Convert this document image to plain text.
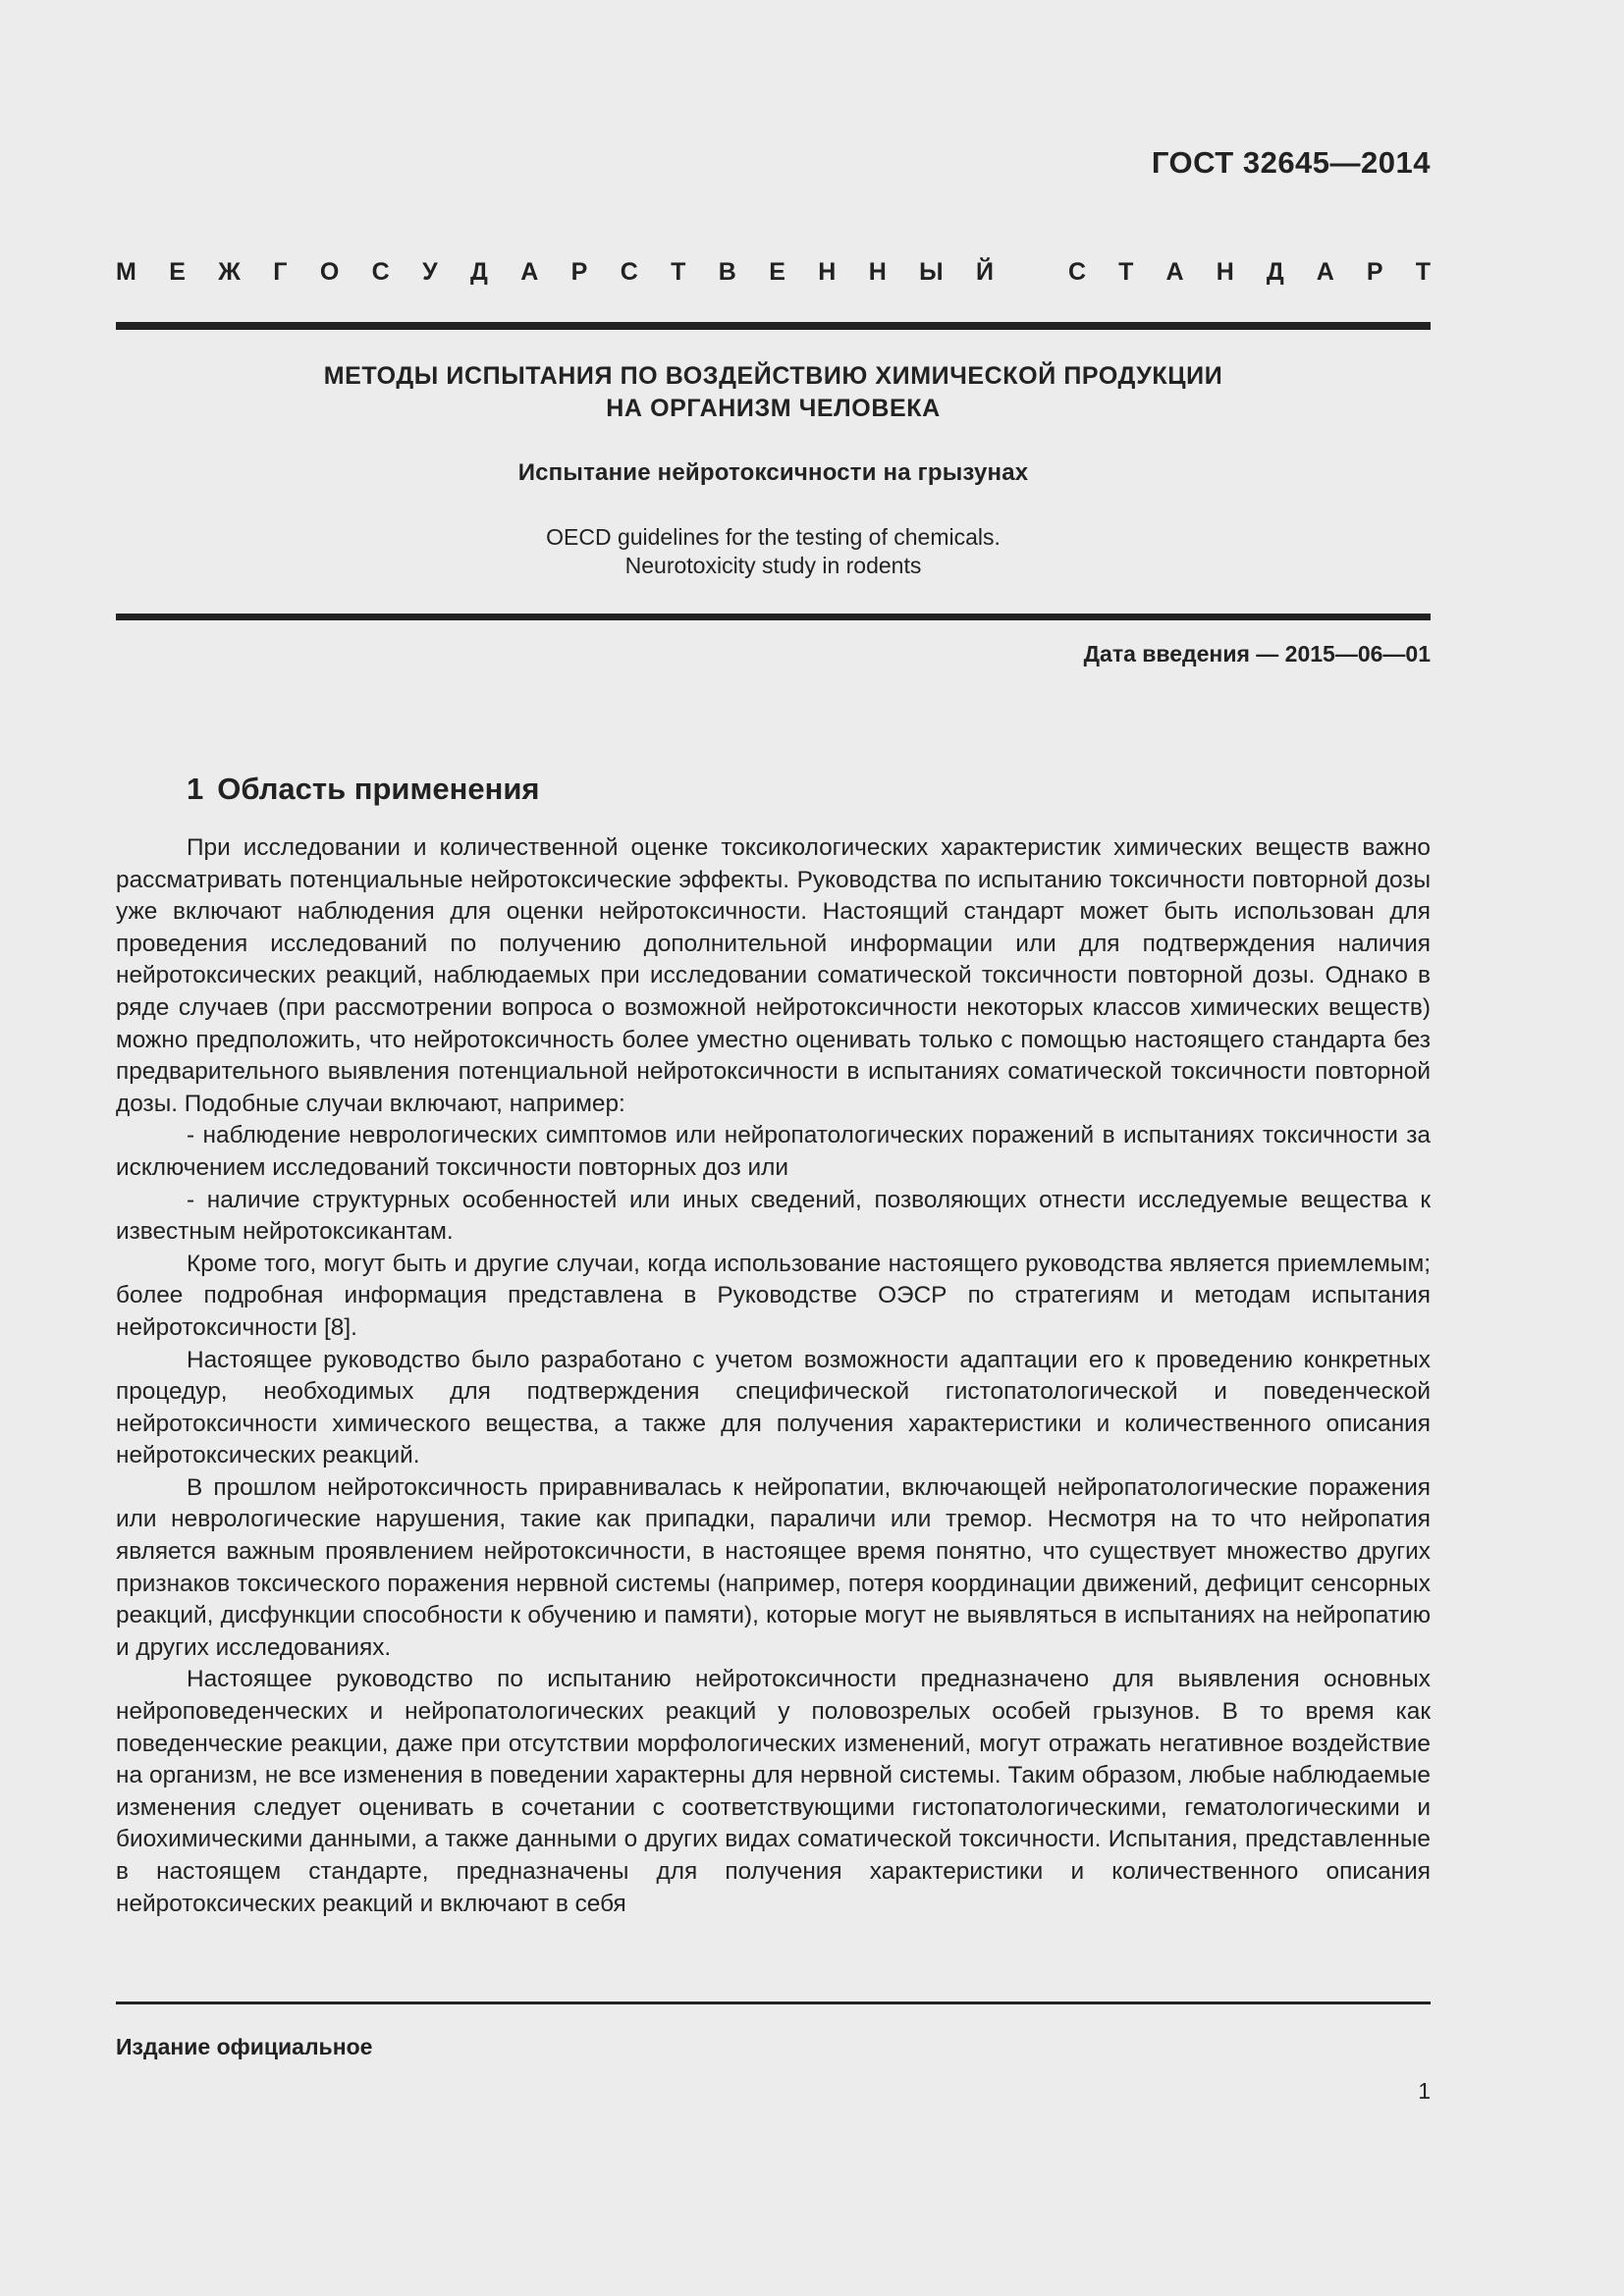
ГОСТ 32645—2014
М Е Ж Г О С У Д А Р С Т В Е Н Н Ы Й	С Т А Н Д А Р Т
МЕТОДЫ ИСПЫТАНИЯ ПО ВОЗДЕЙСТВИЮ ХИМИЧЕСКОЙ ПРОДУКЦИИ
НА ОРГАНИЗМ ЧЕЛОВЕКА
Испытание нейротоксичности на грызунах
OECD guidelines for the testing of chemicals.
Neurotoxicity study in rodents
Дата введения — 2015—06—01
1 Область применения

При исследовании и количественной оценке токсикологических характеристик химических веществ важно рассматривать потенциальные нейротоксические эффекты. Руководства по испытанию токсичности повторной дозы уже включают наблюдения для оценки нейротоксичности. Настоящий стандарт может быть использован для проведения исследований по получению дополнительной информации или для подтверждения наличия нейротоксических реакций, наблюдаемых при исследовании соматической токсичности повторной дозы. Однако в ряде случаев (при рассмотрении вопроса о возможной нейротоксичности некоторых классов химических веществ) можно предположить, что нейротоксичность более уместно оценивать только с помощью настоящего стандарта без предварительного выявления потенциальной нейротоксичности в испытаниях соматической токсичности повторной дозы. Подобные случаи включают, например:

- наблюдение неврологических симптомов или нейропатологических поражений в испытаниях токсичности за исключением исследований токсичности повторных доз или

- наличие структурных особенностей или иных сведений, позволяющих отнести исследуемые вещества к известным нейротоксикантам.

Кроме того, могут быть и другие случаи, когда использование настоящего руководства является приемлемым; более подробная информация представлена в Руководстве ОЭСР по стратегиям и методам испытания нейротоксичности [8].

Настоящее руководство было разработано с учетом возможности адаптации его к проведению конкретных процедур, необходимых для подтверждения специфической гистопатологической и поведенческой нейротоксичности химического вещества, а также для получения характеристики и количественного описания нейротоксических реакций.

В прошлом нейротоксичность приравнивалась к нейропатии, включающей нейропатологические поражения или неврологические нарушения, такие как припадки, параличи или тремор. Несмотря на то что нейропатия является важным проявлением нейротоксичности, в настоящее время понятно, что существует множество других признаков токсического поражения нервной системы (например, потеря координации движений, дефицит сенсорных реакций, дисфункции способности к обучению и памяти), которые могут не выявляться в испытаниях на нейропатию и других исследованиях.

Настоящее руководство по испытанию нейротоксичности предназначено для выявления основных нейроповеденческих и нейропатологических реакций у половозрелых особей грызунов. В то время как поведенческие реакции, даже при отсутствии морфологических изменений, могут отражать негативное воздействие на организм, не все изменения в поведении характерны для нервной системы. Таким образом, любые наблюдаемые изменения следует оценивать в сочетании с соответствующими гистопатологическими, гематологическими и биохимическими данными, а также данными о других видах соматической токсичности. Испытания, представленные в настоящем стандарте, предназначены для получения характеристики и количественного описания нейротоксических реакций и включают в себя

Издание официальное
1
